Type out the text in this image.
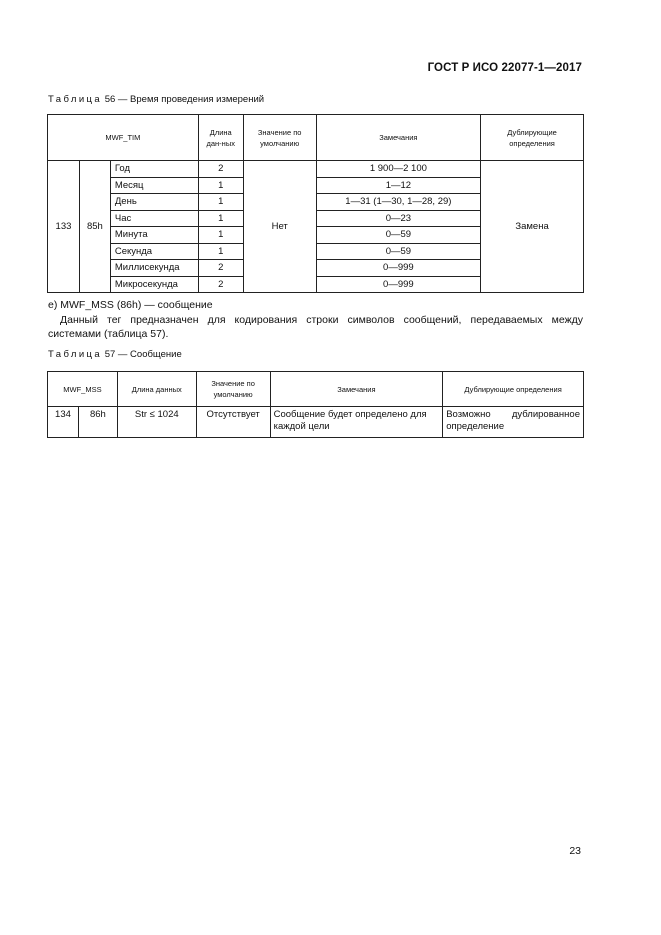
ГОСТ Р ИСО 22077-1—2017
Таблица 56 — Время проведения измерений
MWF_TIM			Длина дан-ных	Значение по умолчанию	Замечания	Дублирующие определения
133	85h	Год	2	Нет	1 900—2 100	Замена
		Месяц	1		1—12	
		День	1		1—31 (1—30, 1—28, 29)	
		Час	1		0—23	
		Минута	1		0—59	
		Секунда	1		0—59	
		Миллисекунда	2		0—999	
		Микросекунда	2		0—999	
е) MWF_MSS (86h) — сообщение
Данный тег предназначен для кодирования строки символов сообщений, передаваемых между системами (таблица 57).
Таблица 57 — Сообщение
MWF_MSS		Длина данных	Значение по умолчанию	Замечания	Дублирующие определения
134	86h	Str ≤ 1024	Отсутствует	Сообщение будет определено для каждой цели	Возможно дублированное определение
23
